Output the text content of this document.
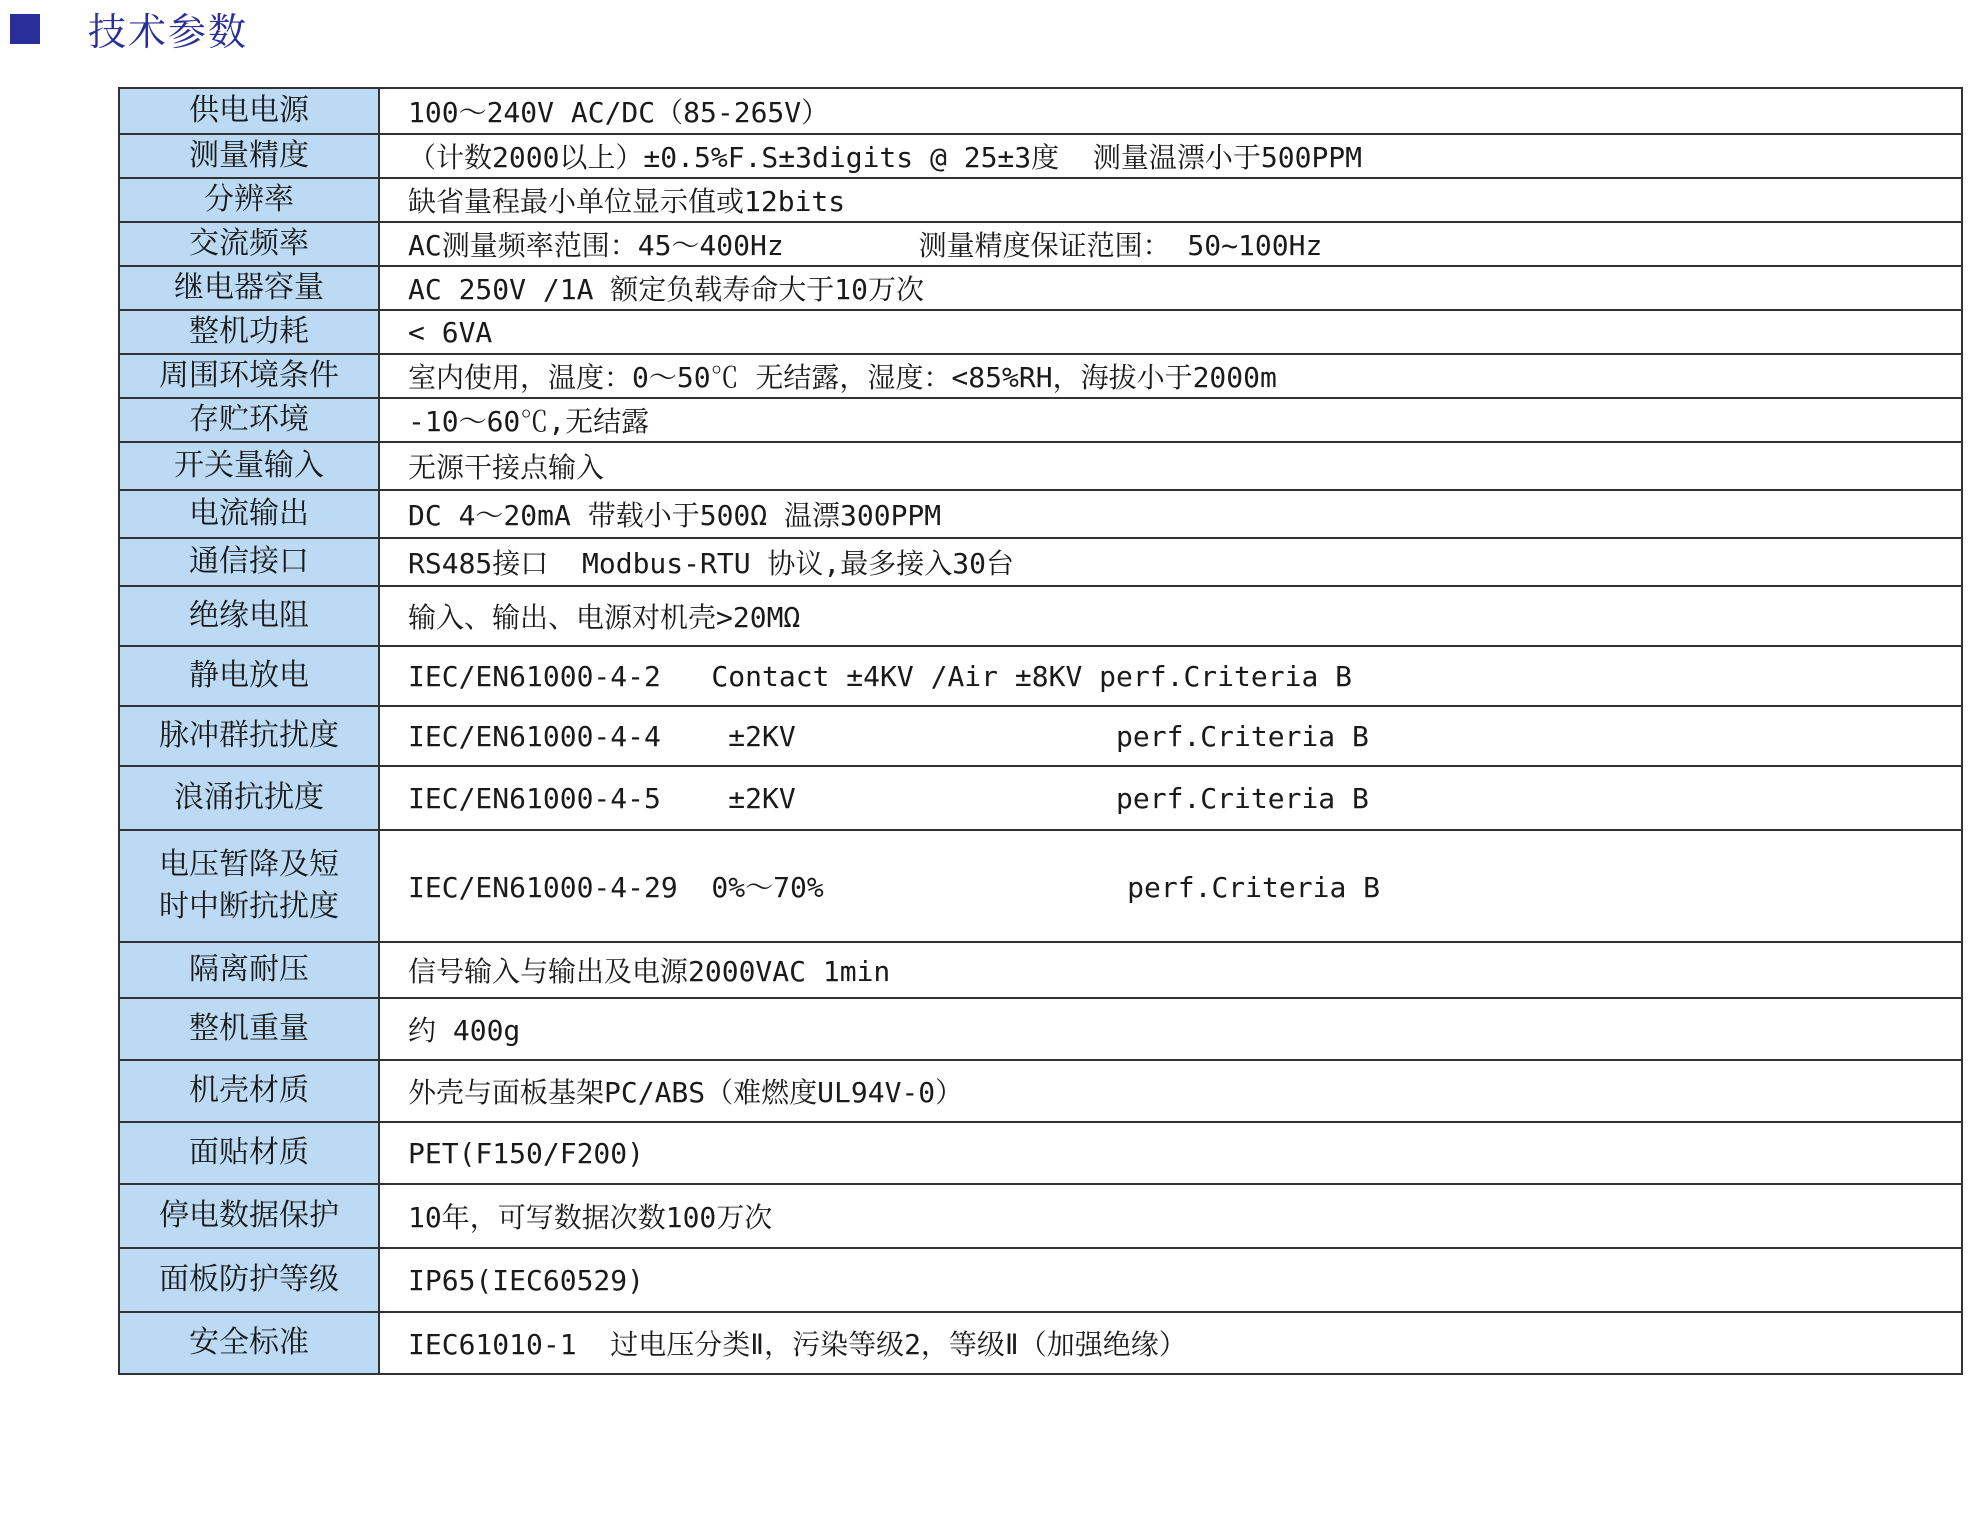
技术参数
供电电源	100～240V AC/DC（85-265V）
测量精度	（计数2000以上）±0.5%F.S±3digits @ 25±3度  测量温漂小于500PPM
分辨率	缺省量程最小单位显示值或12bits
交流频率	AC测量频率范围：45～400Hz        测量精度保证范围： 50~100Hz
继电器容量	AC 250V /1A 额定负载寿命大于10万次
整机功耗	< 6VA
周围环境条件	室内使用，温度：0～50℃ 无结露，湿度：<85%RH，海拔小于2000m
存贮环境	-10～60℃,无结露
开关量输入	无源干接点输入
电流输出	DC 4～20mA 带载小于500Ω 温漂300PPM
通信接口	RS485接口  Modbus-RTU 协议,最多接入30台
绝缘电阻	输入、输出、电源对机壳>20MΩ
静电放电	IEC/EN61000-4-2   Contact ±4KV /Air ±8KV perf.Criteria B
脉冲群抗扰度	IEC/EN61000-4-4    ±2KV                   perf.Criteria B
浪涌抗扰度	IEC/EN61000-4-5    ±2KV                   perf.Criteria B

电压暂降及短
时中断抗扰度	IEC/EN61000-4-29  0%～70%                  perf.Criteria B
隔离耐压	信号输入与输出及电源2000VAC 1min
整机重量	约 400g
机壳材质	外壳与面板基架PC/ABS（难燃度UL94V-0）
面贴材质	PET(F150/F200)
停电数据保护	10年，可写数据次数100万次
面板防护等级	IP65(IEC60529)
安全标准	IEC61010-1  过电压分类Ⅱ，污染等级2，等级Ⅱ（加强绝缘）
